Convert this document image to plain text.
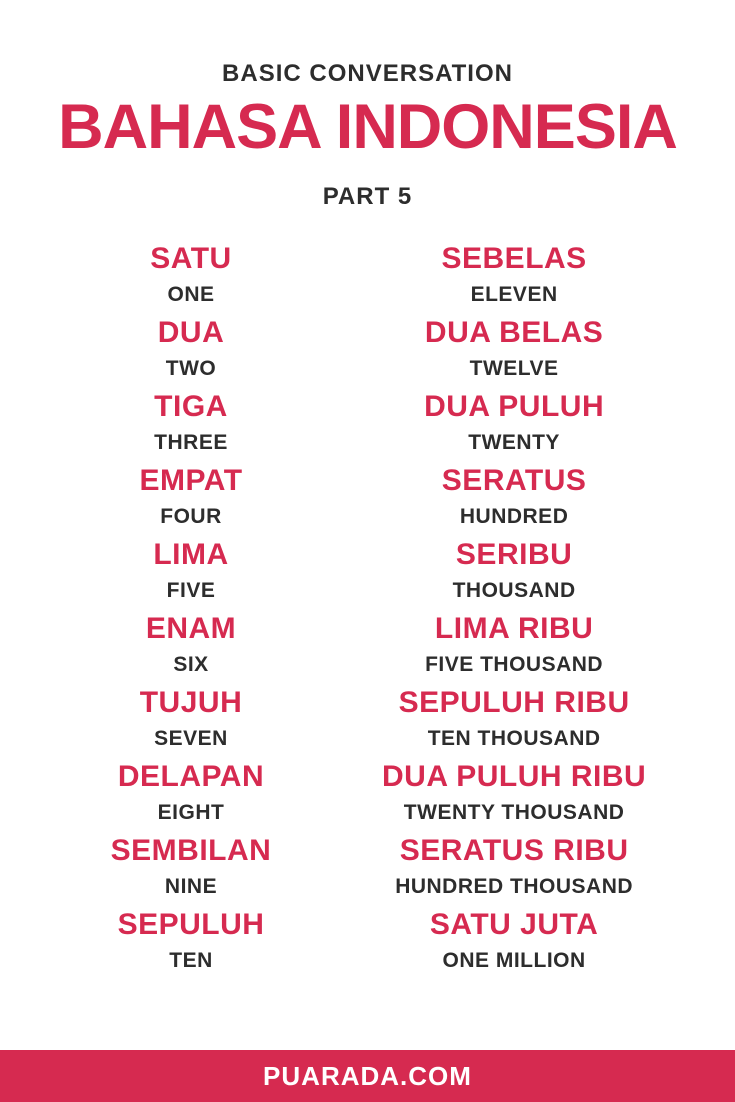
BASIC CONVERSATION
BAHASA INDONESIA
PART 5
SATU
ONE
DUA
TWO
TIGA
THREE
EMPAT
FOUR
LIMA
FIVE
ENAM
SIX
TUJUH
SEVEN
DELAPAN
EIGHT
SEMBILAN
NINE
SEPULUH
TEN
SEBELAS
ELEVEN
DUA BELAS
TWELVE
DUA PULUH
TWENTY
SERATUS
HUNDRED
SERIBU
THOUSAND
LIMA RIBU
FIVE THOUSAND
SEPULUH RIBU
TEN THOUSAND
DUA PULUH RIBU
TWENTY THOUSAND
SERATUS RIBU
HUNDRED THOUSAND
SATU JUTA
ONE MILLION
PUARADA.COM
